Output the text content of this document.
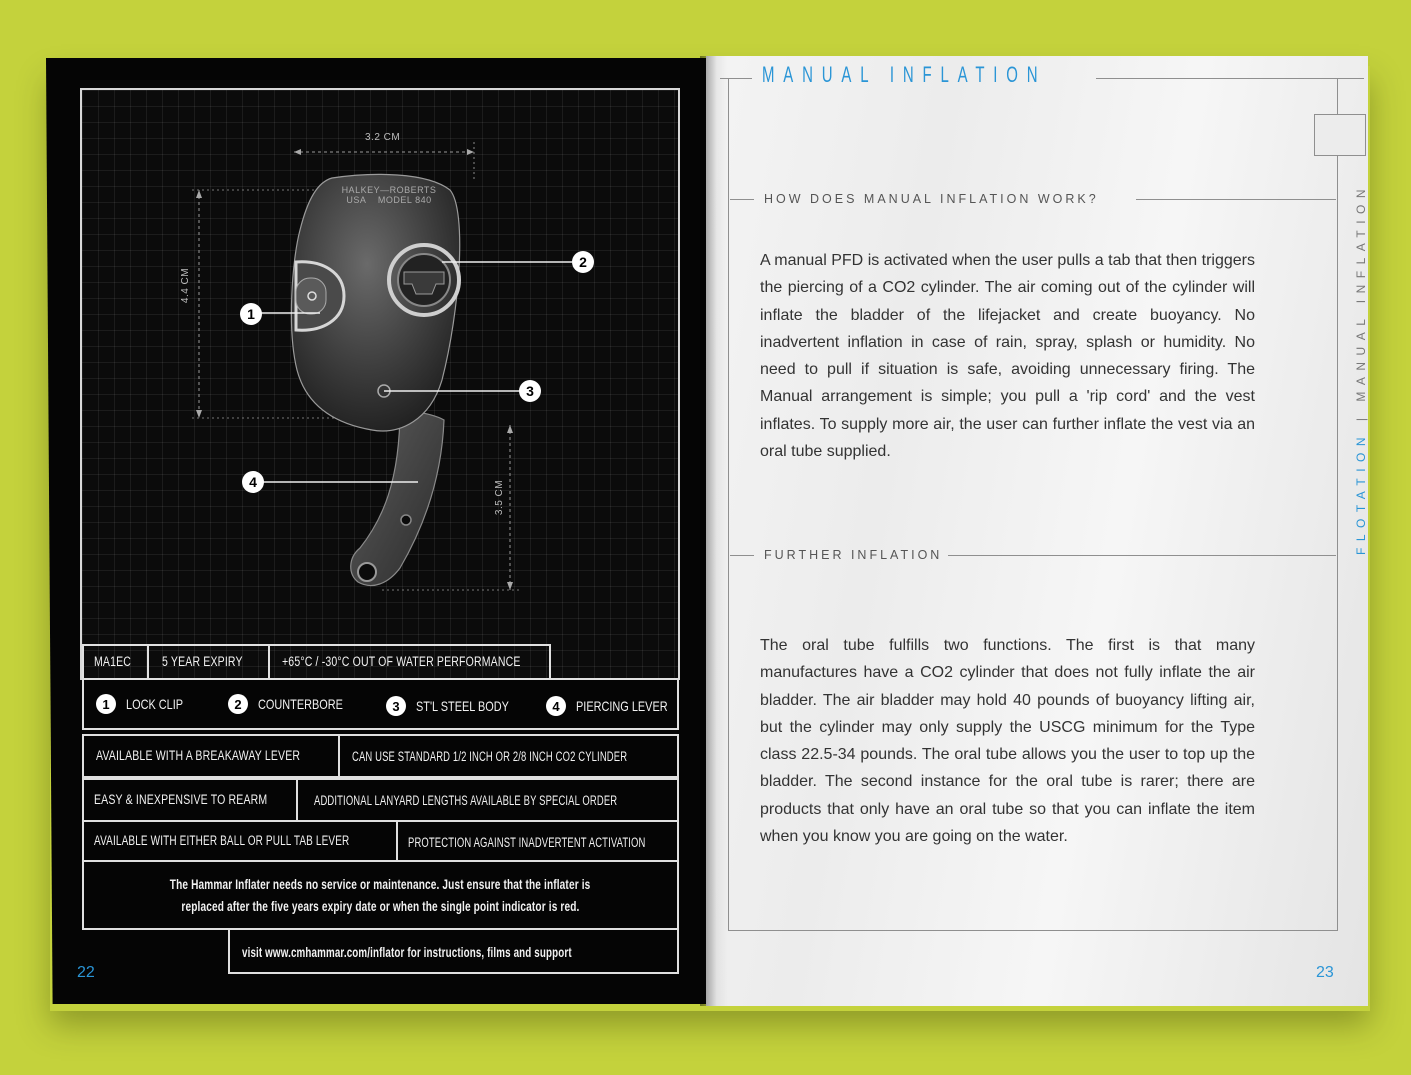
3.2 CM
4.4 CM
3.5 CM
HALKEY—ROBERTS
USA    MODEL 840
1
2
3
4
MA1EC	5 YEAR EXPIRY	+65°C / -30°C OUT OF WATER PERFORMANCE
1	LOCK CLIP	2	COUNTERBORE	3	ST'L STEEL BODY	4	PIERCING LEVER
AVAILABLE WITH A BREAKAWAY LEVER	CAN USE STANDARD 1/2 INCH OR 2/8 INCH CO2 CYLINDER
EASY & INEXPENSIVE TO REARM	ADDITIONAL LANYARD LENGTHS AVAILABLE BY SPECIAL ORDER
AVAILABLE WITH EITHER BALL OR PULL TAB LEVER	PROTECTION AGAINST INADVERTENT ACTIVATION
The Hammar Inflater needs no service or maintenance. Just ensure that the inflater is
replaced after the five years expiry date or when the single point indicator is red.
visit www.cmhammar.com/inflator for instructions, films and support
22
MANUAL INFLATION
HOW DOES MANUAL INFLATION WORK?
A manual PFD is activated when the user pulls a tab that then triggers the piercing of a CO2 cylinder. The air coming out of the cylinder will inflate the bladder of the lifejacket and create buoyancy. No inadvertent inflation in case of rain, spray, splash or humidity. No need to pull if situation is safe, avoiding unnecessary firing. The Manual arrangement is simple; you pull a 'rip cord' and the vest inflates. To supply more air, the user can further inflate the vest via an oral tube supplied.
FURTHER INFLATION
The oral tube fulfills two functions. The first is that many manufactures have a CO2 cylinder that does not fully inflate the air bladder. The air bladder may hold 40 pounds of buoyancy lifting air, but the cylinder may only supply the USCG minimum for the Type class 22.5-34 pounds. The oral tube allows you the user to top up the bladder. The second instance for the oral tube is rarer; there are products that only have an oral tube so that you can inflate the item when you know you are going on the water.
FLOTATION | MANUAL INFLATION
23
